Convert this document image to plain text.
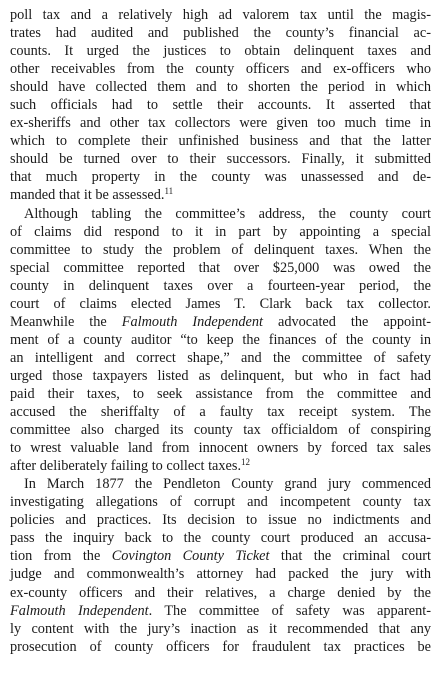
poll tax and a relatively high ad valorem tax until the magis-
trates had audited and published the county’s financial ac-
counts. It urged the justices to obtain delinquent taxes and
other receivables from the county officers and ex-officers who
should have collected them and to shorten the period in which
such officials had to settle their accounts. It asserted that
ex-sheriffs and other tax collectors were given too much time in
which to complete their unfinished business and that the latter
should be turned over to their successors. Finally, it submitted
that much property in the county was unassessed and de-
manded that it be assessed.$^{11}$
Although tabling the committee’s address, the county court
of claims did respond to it in part by appointing a special
committee to study the problem of delinquent taxes. When the
special committee reported that over $25,000 was owed the
county in delinquent taxes over a fourteen-year period, the
court of claims elected James T. Clark back tax collector.
Meanwhile the Falmouth Independent advocated the appoint-
ment of a county auditor “to keep the finances of the county in
an intelligent and correct shape,” and the committee of safety
urged those taxpayers listed as delinquent, but who in fact had
paid their taxes, to seek assistance from the committee and
accused the sheriffalty of a faulty tax receipt system. The
committee also charged its county tax officialdom of conspiring
to wrest valuable land from innocent owners by forced tax sales
after deliberately failing to collect taxes.$^{12}$
In March 1877 the Pendleton County grand jury commenced
investigating allegations of corrupt and incompetent county tax
policies and practices. Its decision to issue no indictments and
pass the inquiry back to the county court produced an accusa-
tion from the Covington County Ticket that the criminal court
judge and commonwealth’s attorney had packed the jury with
ex-county officers and their relatives, a charge denied by the
Falmouth Independent. The committee of safety was apparent-
ly content with the jury’s inaction as it recommended that any
prosecution of county officers for fraudulent tax practices be
